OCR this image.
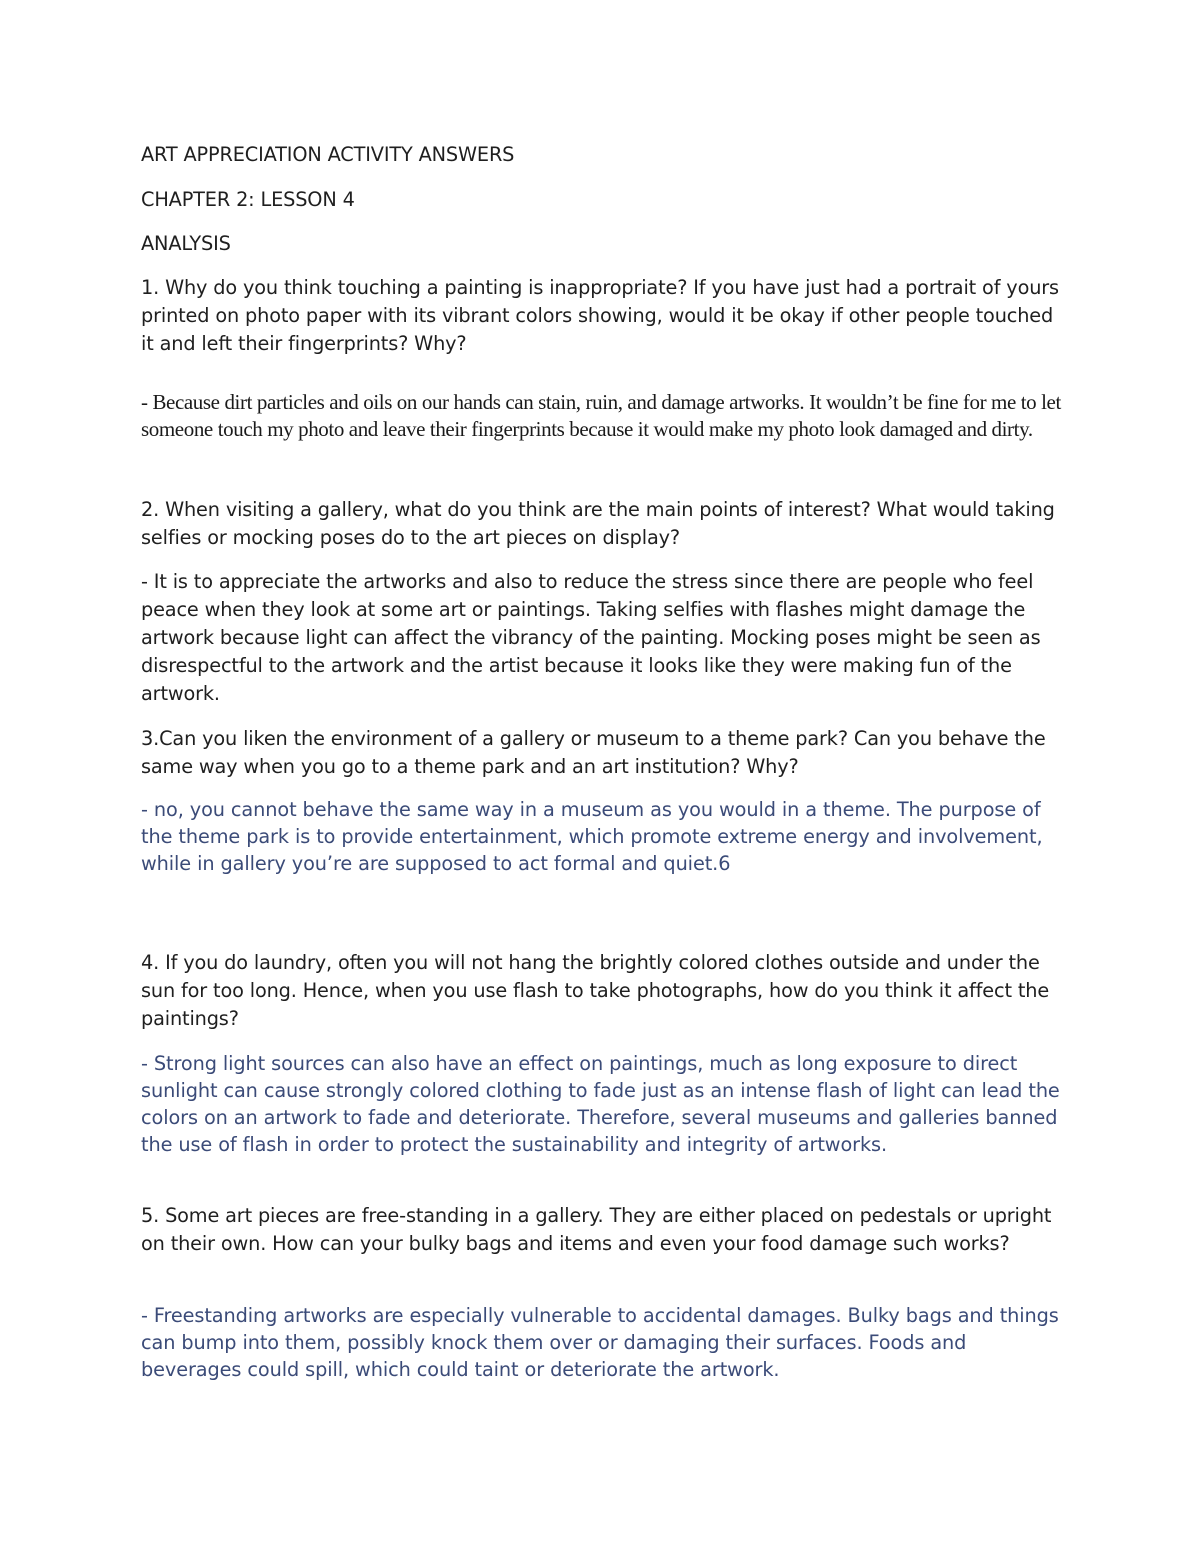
ART APPRECIATION ACTIVITY ANSWERS

CHAPTER 2: LESSON 4

ANALYSIS

1. Why do you think touching a painting is inappropriate? If you have just had a portrait of yours printed on photo paper with its vibrant colors showing, would it be okay if other people touched it and left their fingerprints? Why?

- Because dirt particles and oils on our hands can stain, ruin, and damage artworks. It wouldn’t be fine for me to let someone touch my photo and leave their fingerprints because it would make my photo look damaged and dirty.

2. When visiting a gallery, what do you think are the main points of interest? What would taking selfies or mocking poses do to the art pieces on display?

- It is to appreciate the artworks and also to reduce the stress since there are people who feel peace when they look at some art or paintings. Taking selfies with flashes might damage the artwork because light can affect the vibrancy of the painting. Mocking poses might be seen as disrespectful to the artwork and the artist because it looks like they were making fun of the artwork.

3.Can you liken the environment of a gallery or museum to a theme park? Can you behave the same way when you go to a theme park and an art institution? Why?

- no, you cannot behave the same way in a museum as you would in a theme. The purpose of the theme park is to provide entertainment, which promote extreme energy and involvement, while in gallery you’re are supposed to act formal and quiet.6

4. If you do laundry, often you will not hang the brightly colored clothes outside and under the sun for too long. Hence, when you use flash to take photographs, how do you think it affect the paintings?

- Strong light sources can also have an effect on paintings, much as long exposure to direct sunlight can cause strongly colored clothing to fade just as an intense flash of light can lead the colors on an artwork to fade and deteriorate. Therefore, several museums and galleries banned the use of flash in order to protect the sustainability and integrity of artworks.

5. Some art pieces are free-standing in a gallery. They are either placed on pedestals or upright on their own. How can your bulky bags and items and even your food damage such works?

- Freestanding artworks are especially vulnerable to accidental damages. Bulky bags and things can bump into them, possibly knock them over or damaging their surfaces. Foods and beverages could spill, which could taint or deteriorate the artwork.
